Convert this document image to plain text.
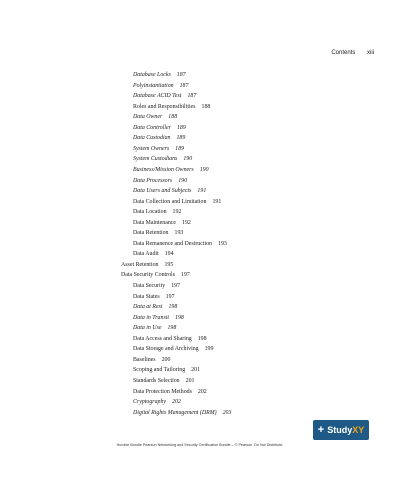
Contents xiii
Database Locks 187
Polyinstantiation 187
Database ACID Test 187
Roles and Responsibilities 188
Data Owner 188
Data Controller 189
Data Custodian 189
System Owners 189
System Custodians 190
Business/Mission Owners 190
Data Processors 190
Data Users and Subjects 191
Data Collection and Limitation 191
Data Location 192
Data Maintenance 192
Data Retention 193
Data Remanence and Destruction 193
Data Audit 194
Asset Retention 195
Data Security Controls 197
Data Security 197
Data States 197
Data at Rest 198
Data in Transit 198
Data in Use 198
Data Access and Sharing 198
Data Storage and Archiving 199
Baselines 200
Scoping and Tailoring 201
Standards Selection 201
Data Protection Methods 202
Cryptography 202
Digital Rights Management (DRM) 203
+ Study XY
Humble Bundle Pearson Networking and Security Certification Bundle – © Pearson. Do Not Distribute.
